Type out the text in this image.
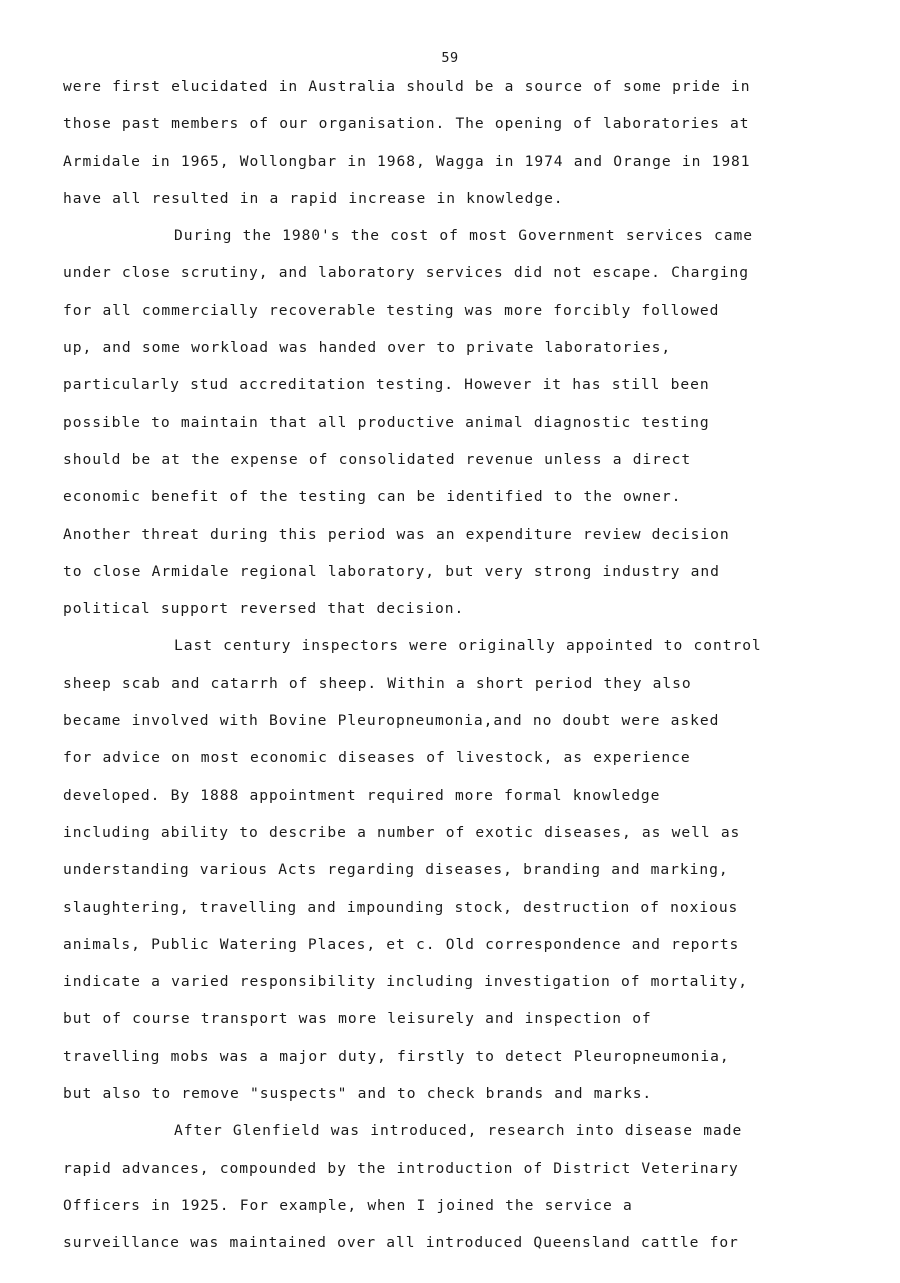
59
were first elucidated in Australia should be a source of some pride in
those past members of our organisation. The opening of laboratories at
Armidale in 1965, Wollongbar in 1968, Wagga in 1974 and Orange in 1981
have all resulted in a rapid increase in knowledge.
During the 1980's the cost of most Government services came
under close scrutiny, and laboratory services did not escape. Charging
for all commercially recoverable testing was more forcibly followed
up, and some workload was handed over to private laboratories,
particularly stud accreditation testing. However it has still been
possible to maintain that all productive animal diagnostic testing
should be at the expense of consolidated revenue unless a direct
economic benefit of the testing can be identified to the owner.
Another threat during this period was an expenditure review decision
to close Armidale regional laboratory, but very strong industry and
political support reversed that decision.
Last century inspectors were originally appointed to control
sheep scab and catarrh of sheep. Within a short period they also
became involved with Bovine Pleuropneumonia,and no doubt were asked
for advice on most economic diseases of livestock, as experience
developed. By 1888 appointment required more formal knowledge
including ability to describe a number of exotic diseases, as well as
understanding various Acts regarding diseases, branding and marking,
slaughtering, travelling and impounding stock, destruction of noxious
animals, Public Watering Places, et c. Old correspondence and reports
indicate a varied responsibility including investigation of mortality,
but of course transport was more leisurely and inspection of
travelling mobs was a major duty, firstly to detect Pleuropneumonia,
but also to remove "suspects" and to check brands and marks.
After Glenfield was introduced, research into disease made
rapid advances, compounded by the introduction of District Veterinary
Officers in 1925. For example, when I joined the service a
surveillance was maintained over all introduced Queensland cattle for
